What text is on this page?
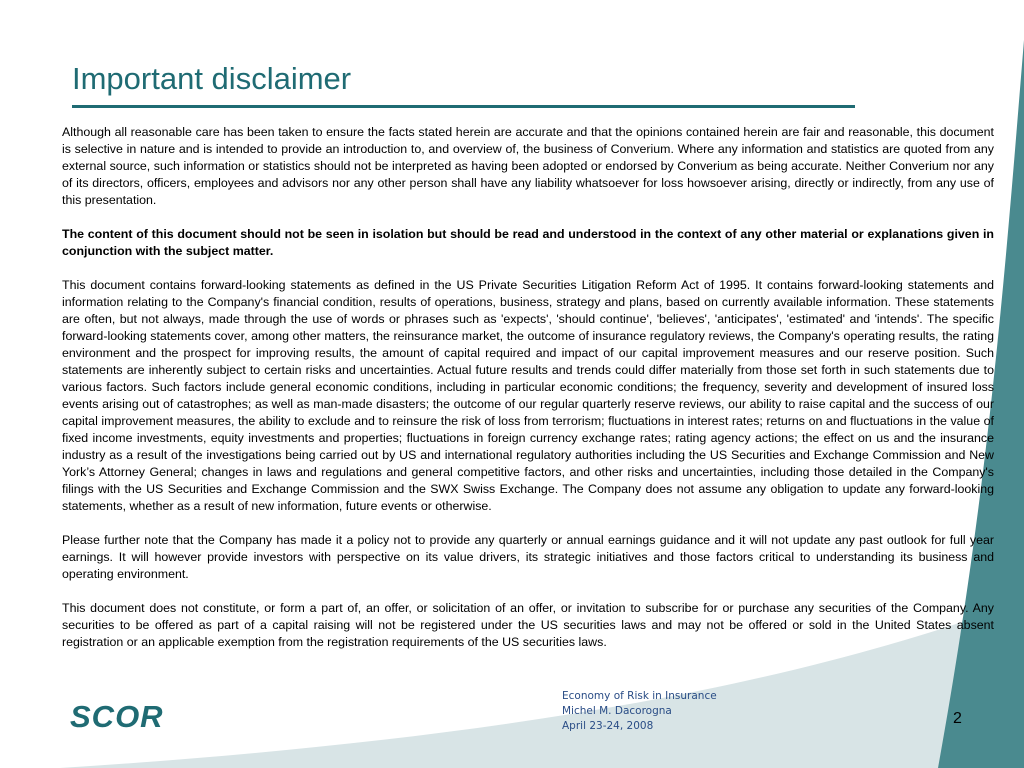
Important disclaimer

Although all reasonable care has been taken to ensure the facts stated herein are accurate and that the opinions contained herein are fair and reasonable, this document is selective in nature and is intended to provide an introduction to, and overview of, the business of Converium. Where any information and statistics are quoted from any external source, such information or statistics should not be interpreted as having been adopted or endorsed by Converium as being accurate. Neither Converium nor any of its directors, officers, employees and advisors nor any other person shall have any liability whatsoever for loss howsoever arising, directly or indirectly, from any use of this presentation.

The content of this document should not be seen in isolation but should be read and understood in the context of any other material or explanations given in conjunction with the subject matter.

This document contains forward-looking statements as defined in the US Private Securities Litigation Reform Act of 1995. It contains forward-looking statements and information relating to the Company's financial condition, results of operations, business, strategy and plans, based on currently available information. These statements are often, but not always, made through the use of words or phrases such as 'expects', 'should continue', 'believes', 'anticipates', 'estimated' and 'intends'. The specific forward-looking statements cover, among other matters, the reinsurance market, the outcome of insurance regulatory reviews, the Company's operating results, the rating environment and the prospect for improving results, the amount of capital required and impact of our capital improvement measures and our reserve position. Such statements are inherently subject to certain risks and uncertainties. Actual future results and trends could differ materially from those set forth in such statements due to various factors. Such factors include general economic conditions, including in particular economic conditions; the frequency, severity and development of insured loss events arising out of catastrophes; as well as man-made disasters; the outcome of our regular quarterly reserve reviews, our ability to raise capital and the success of our capital improvement measures, the ability to exclude and to reinsure the risk of loss from terrorism; fluctuations in interest rates; returns on and fluctuations in the value of fixed income investments, equity investments and properties; fluctuations in foreign currency exchange rates; rating agency actions; the effect on us and the insurance industry as a result of the investigations being carried out by US and international regulatory authorities including the US Securities and Exchange Commission and New York’s Attorney General; changes in laws and regulations and general competitive factors, and other risks and uncertainties, including those detailed in the Company's filings with the US Securities and Exchange Commission and the SWX Swiss Exchange. The Company does not assume any obligation to update any forward-looking statements, whether as a result of new information, future events or otherwise.

Please further note that the Company has made it a policy not to provide any quarterly or annual earnings guidance and it will not update any past outlook for full year earnings. It will however provide investors with perspective on its value drivers, its strategic initiatives and those factors critical to understanding its business and operating environment.

This document does not constitute, or form a part of, an offer, or solicitation of an offer, or invitation to subscribe for or purchase any securities of the Company. Any securities to be offered as part of a capital raising will not be registered under the US securities laws and may not be offered or sold in the United States absent registration or an applicable exemption from the registration requirements of the US securities laws.

SCOR
Economy of Risk in Insurance
Michel M. Dacorogna
April 23-24, 2008	2
